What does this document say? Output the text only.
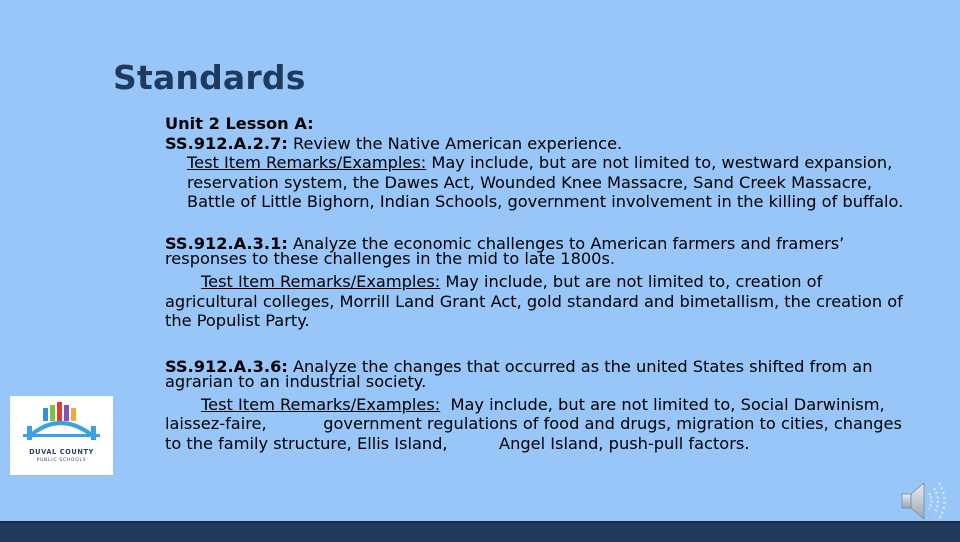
Standards

Unit 2 Lesson A:

SS.912.A.2.7: Review the Native American experience.

Test Item Remarks/Examples: May include, but are not limited to, westward expansion, reservation system, the Dawes Act, Wounded Knee Massacre, Sand Creek Massacre, Battle of Little Bighorn, Indian Schools, government involvement in the killing of buffalo.

SS.912.A.3.1: Analyze the economic challenges to American farmers and framers’ responses to these challenges in the mid to late 1800s.

Test Item Remarks/Examples: May include, but are not limited to, creation of agricultural colleges, Morrill Land Grant Act, gold standard and bimetallism, the creation of the Populist Party.

SS.912.A.3.6: Analyze the changes that occurred as the united States shifted from an agrarian to an industrial society.

Test Item Remarks/Examples:  May include, but are not limited to, Social Darwinism, laissez-faire,           government regulations of food and drugs, migration to cities, changes to the family structure, Ellis Island,          Angel Island, push-pull factors.

DUVAL COUNTY
PUBLIC SCHOOLS
